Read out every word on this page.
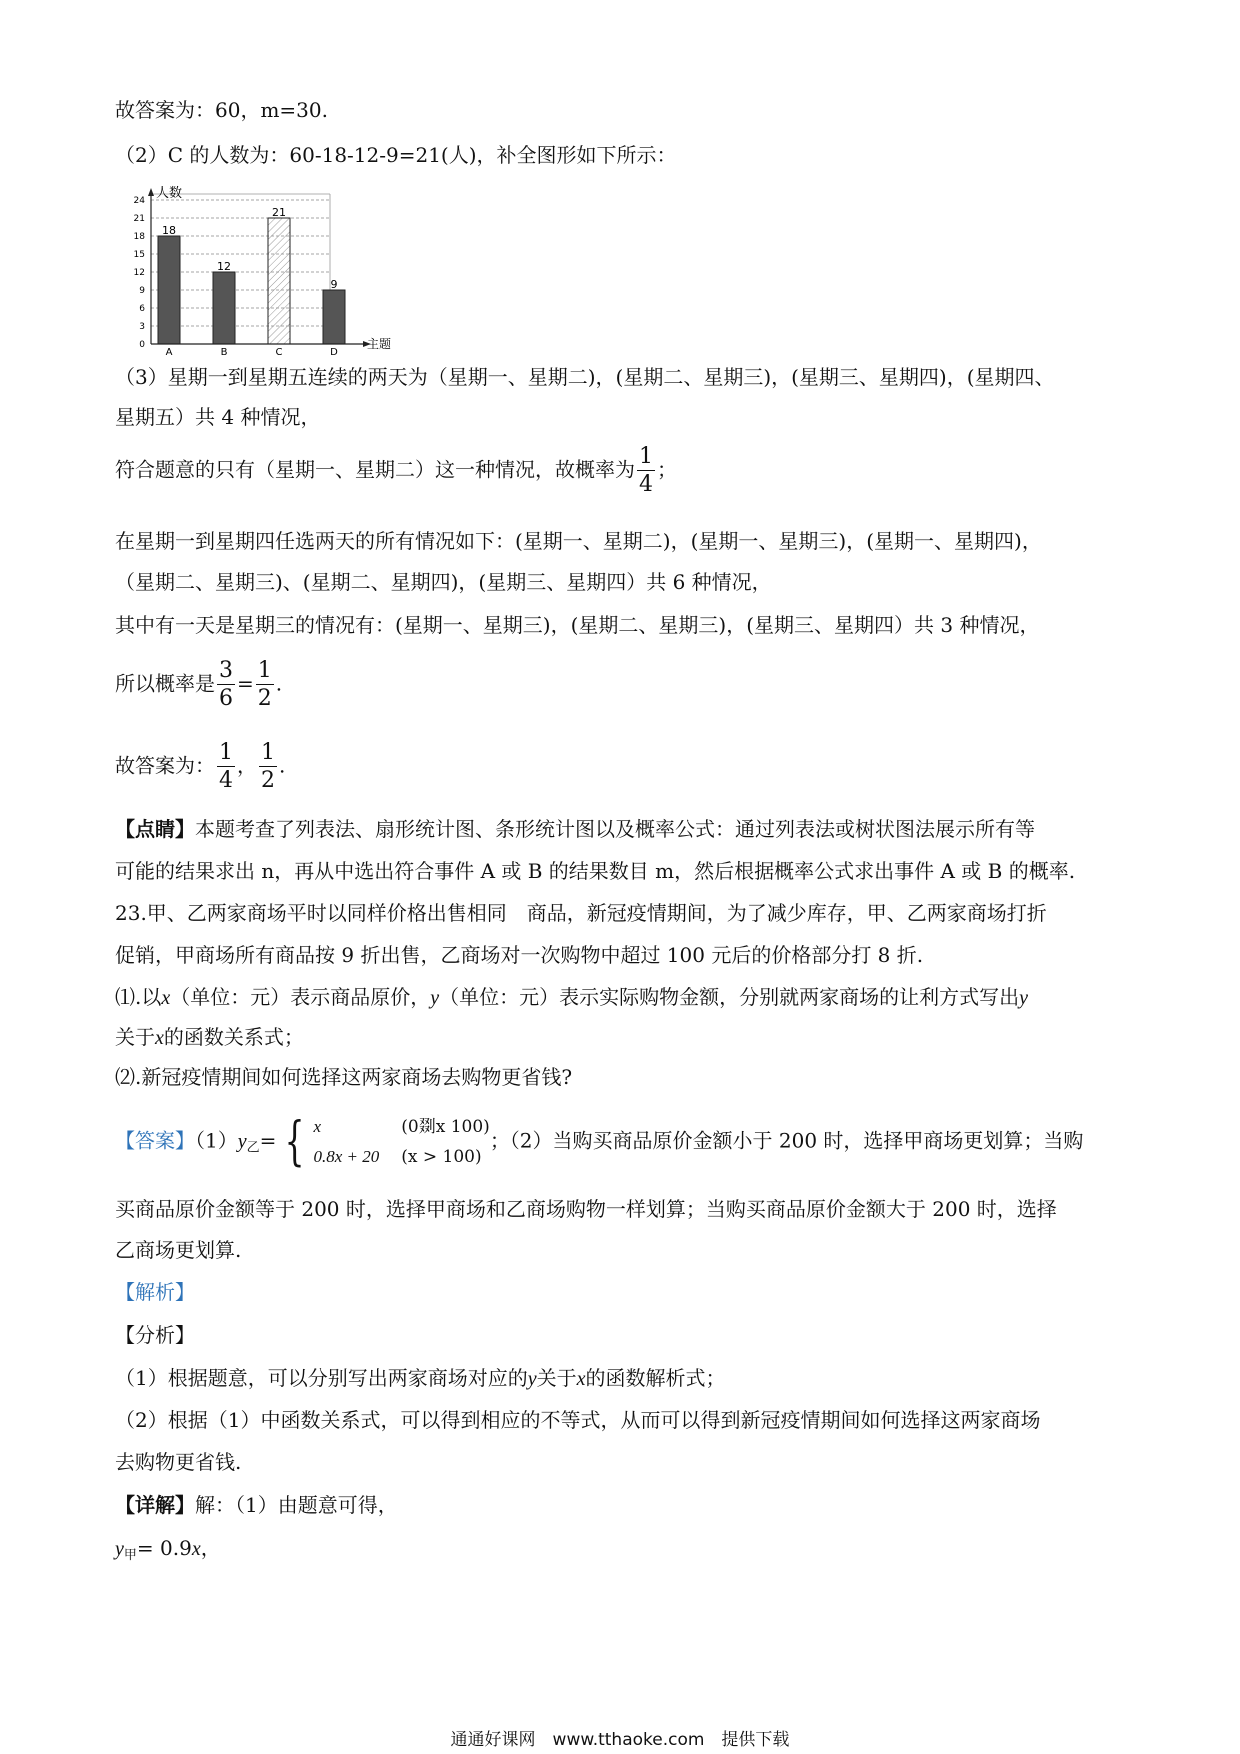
故答案为：60，m=30.
（2）C 的人数为：60-18-12-9=21(人)，补全图形如下所示：
0
3
6
9
12
15
18
21
24
18
12
21
9
A	B	C	D
人数
主题
（3）星期一到星期五连续的两天为（星期一、星期二)，(星期二、星期三)，(星期三、星期四)，(星期四、
星期五）共 4 种情况，
符合题意的只有（星期一、星期二）这一种情况，故概率为 $\frac{1}{4}$ ；
在星期一到星期四任选两天的所有情况如下：(星期一、星期二)，(星期一、星期三)，(星期一、星期四)，
（星期二、星期三)、(星期二、星期四)，(星期三、星期四）共 6 种情况，
其中有一天是星期三的情况有：(星期一、星期三)，(星期二、星期三)，(星期三、星期四）共 3 种情况，
所以概率是 $\frac{3}{6} = \frac{1}{2}$ .
故答案为： $\frac{1}{4}$ ， $\frac{1}{2}$ .
【点睛】本题考查了列表法、扇形统计图、条形统计图以及概率公式：通过列表法或树状图法展示所有等
可能的结果求出 n，再从中选出符合事件 A 或 B 的结果数目 m，然后根据概率公式求出事件 A 或 B 的概率.
23.甲、乙两家商场平时以同样价格出售相同　商品，新冠疫情期间，为了减少库存，甲、乙两家商场打折
促销，甲商场所有商品按 9 折出售，乙商场对一次购物中超过 100 元后的价格部分打 8 折.
⑴.以x（单位：元）表示商品原价，y（单位：元）表示实际购物金额，分别就两家商场的让利方式写出y
关于x的函数关系式；
⑵.新冠疫情期间如何选择这两家商场去购物更省钱?
【答案】$(1)y_乙=$ { x
0.8x + 20
(0剟x 100)
(x > 100)
；（2）当购买商品原价金额小于 200 时，选择甲商场更划算；当购
买商品原价金额等于 200 时，选择甲商场和乙商场购物一样划算；当购买商品原价金额大于 200 时，选择
乙商场更划算.
【解析】
【分析】
（1）根据题意，可以分别写出两家商场对应的y关于x的函数解析式；
（2）根据（1）中函数关系式，可以得到相应的不等式，从而可以得到新冠疫情期间如何选择这两家商场
去购物更省钱.
【详解】解：（1）由题意可得，
$y_甲= 0.9x$，
通通好课网　www.tthaoke.com　提供下载
